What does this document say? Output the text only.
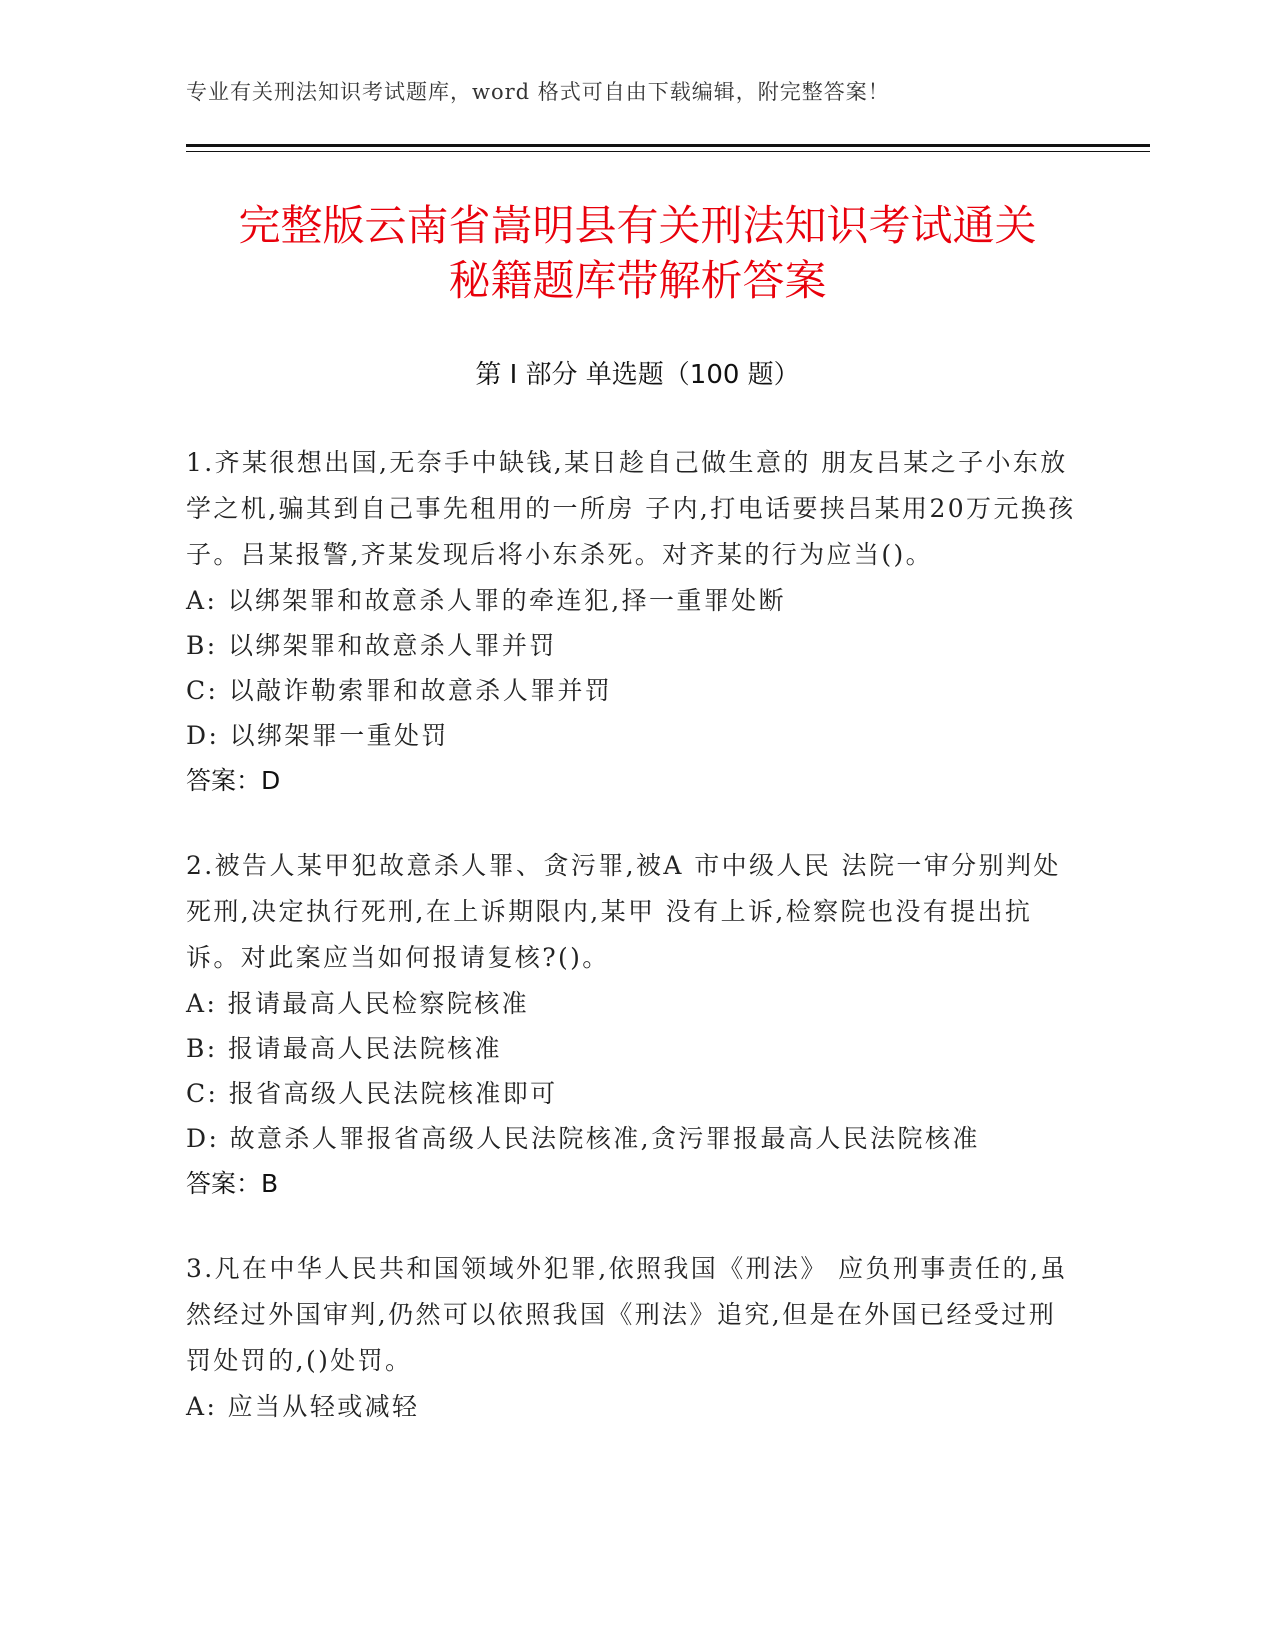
专业有关刑法知识考试题库，word 格式可自由下载编辑，附完整答案！
完整版云南省嵩明县有关刑法知识考试通关
秘籍题库带解析答案
第 I 部分 单选题（100 题）
1.齐某很想出国,无奈手中缺钱,某日趁自己做生意的 朋友吕某之子小东放学之机,骗其到自己事先租用的一所房 子内,打电话要挟吕某用20万元换孩子。吕某报警,齐某发现后将小东杀死。对齐某的行为应当()。
A: 以绑架罪和故意杀人罪的牵连犯,择一重罪处断
B: 以绑架罪和故意杀人罪并罚
C: 以敲诈勒索罪和故意杀人罪并罚
D: 以绑架罪一重处罚
答案：D
2.被告人某甲犯故意杀人罪、贪污罪,被A 市中级人民 法院一审分别判处死刑,决定执行死刑,在上诉期限内,某甲 没有上诉,检察院也没有提出抗诉。对此案应当如何报请复核?()。
A: 报请最高人民检察院核准
B: 报请最高人民法院核准
C: 报省高级人民法院核准即可
D: 故意杀人罪报省高级人民法院核准,贪污罪报最高人民法院核准
答案：B
3.凡在中华人民共和国领域外犯罪,依照我国《刑法》 应负刑事责任的,虽然经过外国审判,仍然可以依照我国《刑法》追究,但是在外国已经受过刑罚处罚的,()处罚。
A: 应当从轻或减轻
